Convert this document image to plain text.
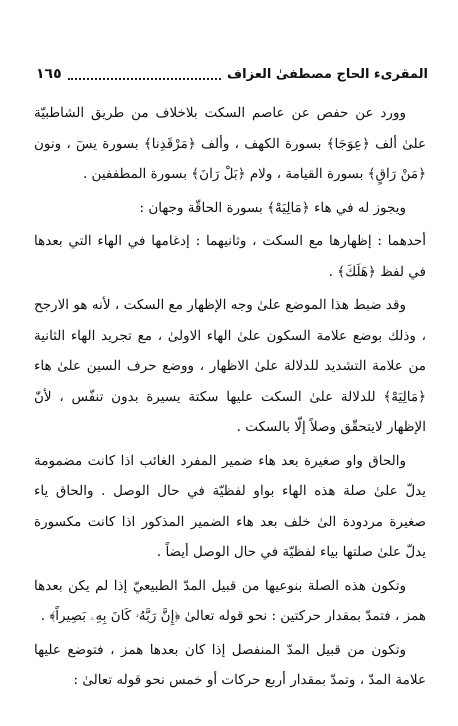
المقرىء الحاج مصطفىٰ العزاف
١٦٥

وورد عن حفص عن عاصم السكت بلاخلاف من طريق الشاطبيّة علىٰ ألف ﴿عِوَجَا﴾ بسورة الكهف ، وألف ﴿مَرْقَدِنا﴾ بسورة يسٓ ، ونون ﴿مَنْ رَاقٍ﴾ بسورة القيامة ، ولام ﴿بَلْ رَانَ﴾ بسورة المطففين .

ويجوز له في هاء ﴿مَالِيَهْ﴾ بسورة الحاقّة وجهان :

أحدهما : إظهارها مع السكت ، وثانيهما : إدغامها في الهاء التي بعدها في لفظ ﴿هَلَكَ﴾ .

وقد ضبط هذا الموضع علىٰ وجه الإظهار مع السكت ، لأنه هو الارجح ، وذلك بوضع علامة السكون علىٰ الهاء الاولىٰ ، مع تجريد الهاء الثانية من علامة التشديد للدلالة علىٰ الاظهار ، ووضع حرف السين علىٰ هاء ﴿مَالِيَهْ﴾ للدلالة علىٰ السكت عليها سكتة يسيرة بدون تنفّس ، لأنّ الإظهار لايتحقّق وصلاً إلّا بالسكت .

والحاق واو صغيرة بعد هاء ضمير المفرد الغائب اذا كانت مضمومة يدلّ علىٰ صلة هذه الهاء بواو لفظيّة في حال الوصل . والحاق ياء صغيرة مردودة الىٰ خلف بعد هاء الضمير المذكور اذا كانت مكسورة يدلّ علىٰ صلتها بياء لفظيّة في حال الوصل أيضاً .

وتكون هذه الصلة بنوعيها من قبيل المدّ الطبيعيّ إذا لم يكن بعدها همز ، فتمدّ بمقدار حركتين : نحو قوله تعالىٰ ﴿إِنَّ رَبَّهُۥ كَانَ بِهِۦ بَصِيراً﴾ .

وتكون من قبيل المدّ المنفصل إذا كان بعدها همز ، فتوضع عليها علامة المدّ ، وتمدّ بمقدار أربع حركات أو خمس نحو قوله تعالىٰ :
